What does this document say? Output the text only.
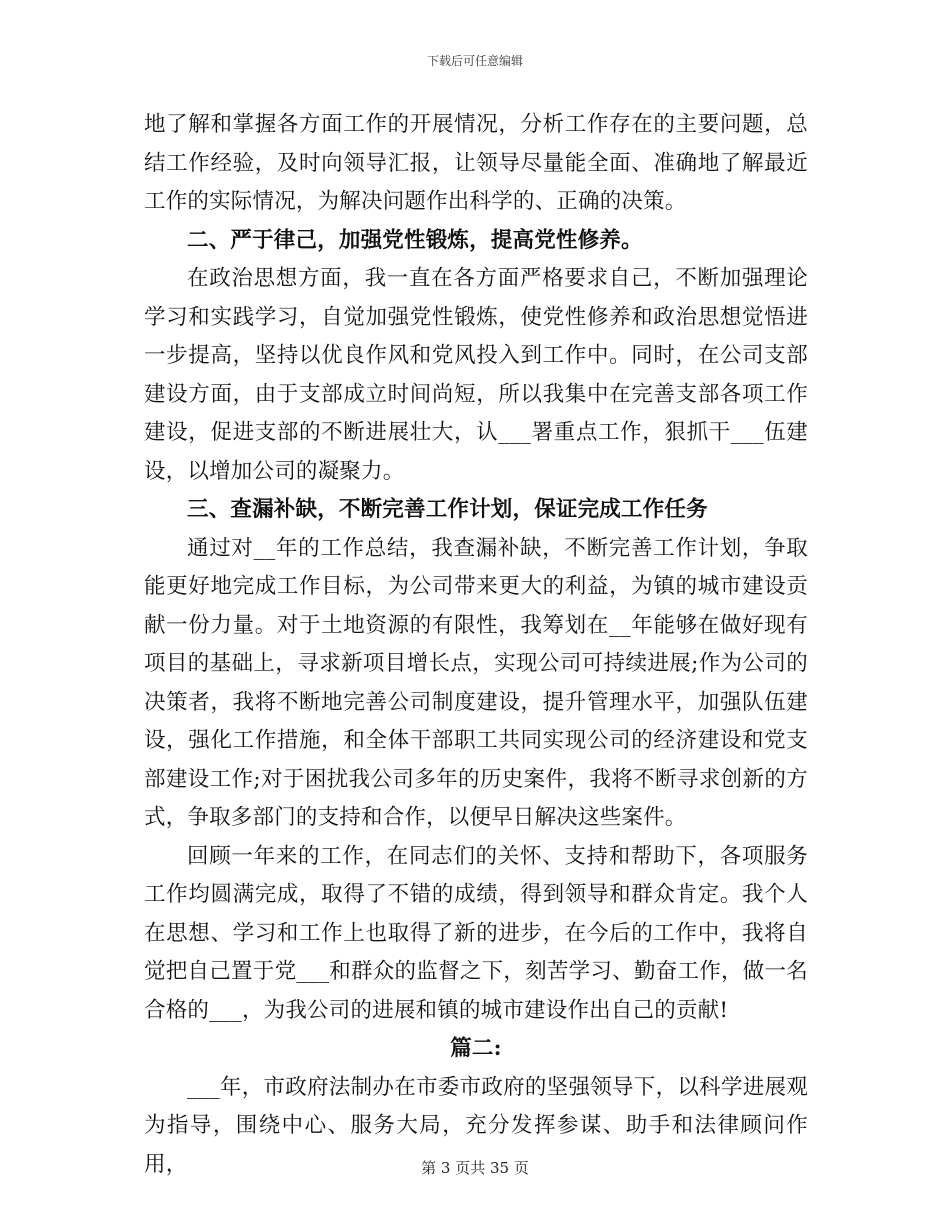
下载后可任意编辑

地了解和掌握各方面工作的开展情况，分析工作存在的主要问题，总结工作经验，及时向领导汇报，让领导尽量能全面、准确地了解最近工作的实际情况，为解决问题作出科学的、正确的决策。

二、严于律己，加强党性锻炼，提高党性修养。

在政治思想方面，我一直在各方面严格要求自己，不断加强理论学习和实践学习，自觉加强党性锻炼，使党性修养和政治思想觉悟进一步提高，坚持以优良作风和党风投入到工作中。同时，在公司支部建设方面，由于支部成立时间尚短，所以我集中在完善支部各项工作建设，促进支部的不断进展壮大，认___署重点工作，狠抓干___伍建设，以增加公司的凝聚力。

三、查漏补缺，不断完善工作计划，保证完成工作任务

通过对__年的工作总结，我查漏补缺，不断完善工作计划，争取能更好地完成工作目标，为公司带来更大的利益，为镇的城市建设贡献一份力量。对于土地资源的有限性，我筹划在__年能够在做好现有项目的基础上，寻求新项目增长点，实现公司可持续进展;作为公司的决策者，我将不断地完善公司制度建设，提升管理水平，加强队伍建设，强化工作措施，和全体干部职工共同实现公司的经济建设和党支部建设工作;对于困扰我公司多年的历史案件，我将不断寻求创新的方式，争取多部门的支持和合作，以便早日解决这些案件。

回顾一年来的工作，在同志们的关怀、支持和帮助下，各项服务工作均圆满完成，取得了不错的成绩，得到领导和群众肯定。我个人在思想、学习和工作上也取得了新的进步，在今后的工作中，我将自觉把自己置于党___和群众的监督之下，刻苦学习、勤奋工作，做一名合格的___，为我公司的进展和镇的城市建设作出自己的贡献!

篇二:

___年，市政府法制办在市委市政府的坚强领导下，以科学进展观为指导，围绕中心、服务大局，充分发挥参谋、助手和法律顾问作用，	第 3 页共 35 页
